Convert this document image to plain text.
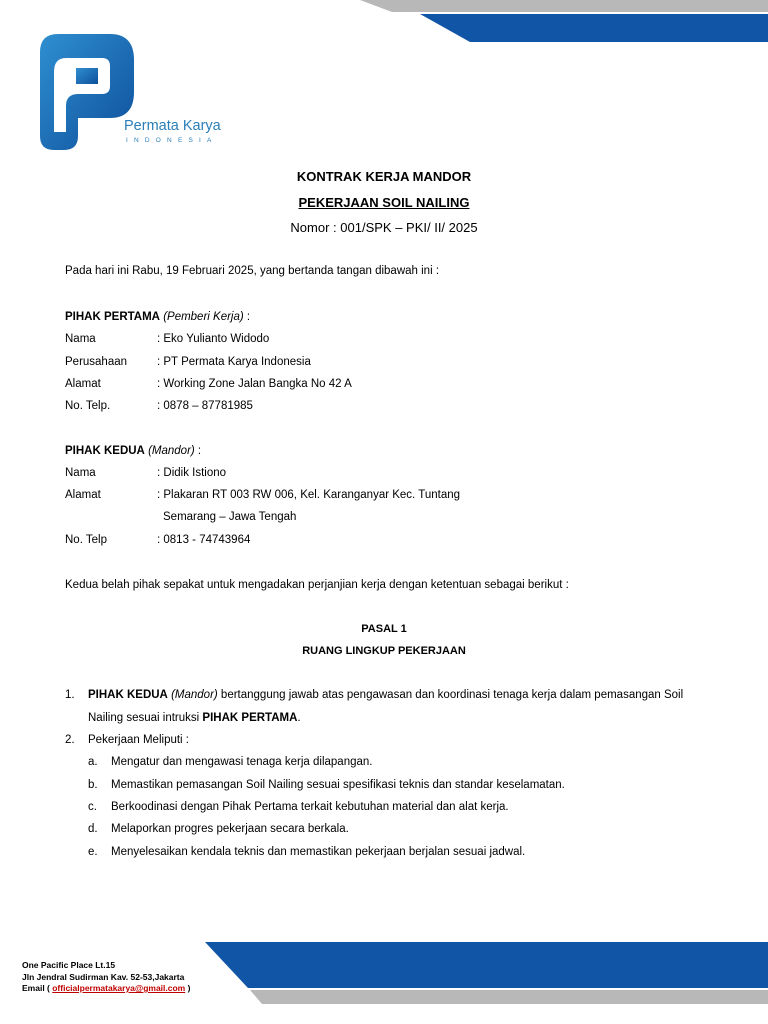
Permata Karya
INDONESIA
KONTRAK KERJA MANDOR
PEKERJAAN SOIL NAILING
Nomor : 001/SPK – PKI/ II/ 2025
Pada hari ini Rabu, 19 Februari 2025, yang bertanda tangan dibawah ini :
PIHAK PERTAMA (Pemberi Kerja) :
Nama	: Eko Yulianto Widodo
Perusahaan	: PT Permata Karya Indonesia
Alamat	: Working Zone Jalan Bangka No 42 A
No. Telp.	: 0878 – 87781985
PIHAK KEDUA (Mandor) :
Nama	: Didik Istiono
Alamat	: Plakaran RT 003 RW 006, Kel. Karanganyar Kec. Tuntang
Semarang – Jawa Tengah
No. Telp	: 0813 - 74743964
Kedua belah pihak sepakat untuk mengadakan perjanjian kerja dengan ketentuan sebagai berikut :
PASAL 1
RUANG LINGKUP PEKERJAAN
1. PIHAK KEDUA (Mandor) bertanggung jawab atas pengawasan dan koordinasi tenaga kerja dalam pemasangan Soil
Nailing sesuai intruksi PIHAK PERTAMA.
2. Pekerjaan Meliputi :
a. Mengatur dan mengawasi tenaga kerja dilapangan.
b. Memastikan pemasangan Soil Nailing sesuai spesifikasi teknis dan standar keselamatan.
c. Berkoodinasi dengan Pihak Pertama terkait kebutuhan material dan alat kerja.
d. Melaporkan progres pekerjaan secara berkala.
e. Menyelesaikan kendala teknis dan memastikan pekerjaan berjalan sesuai jadwal.
One Pacific Place Lt.15
Jln Jendral Sudirman Kav. 52-53,Jakarta
Email ( officialpermatakarya@gmail.com )
